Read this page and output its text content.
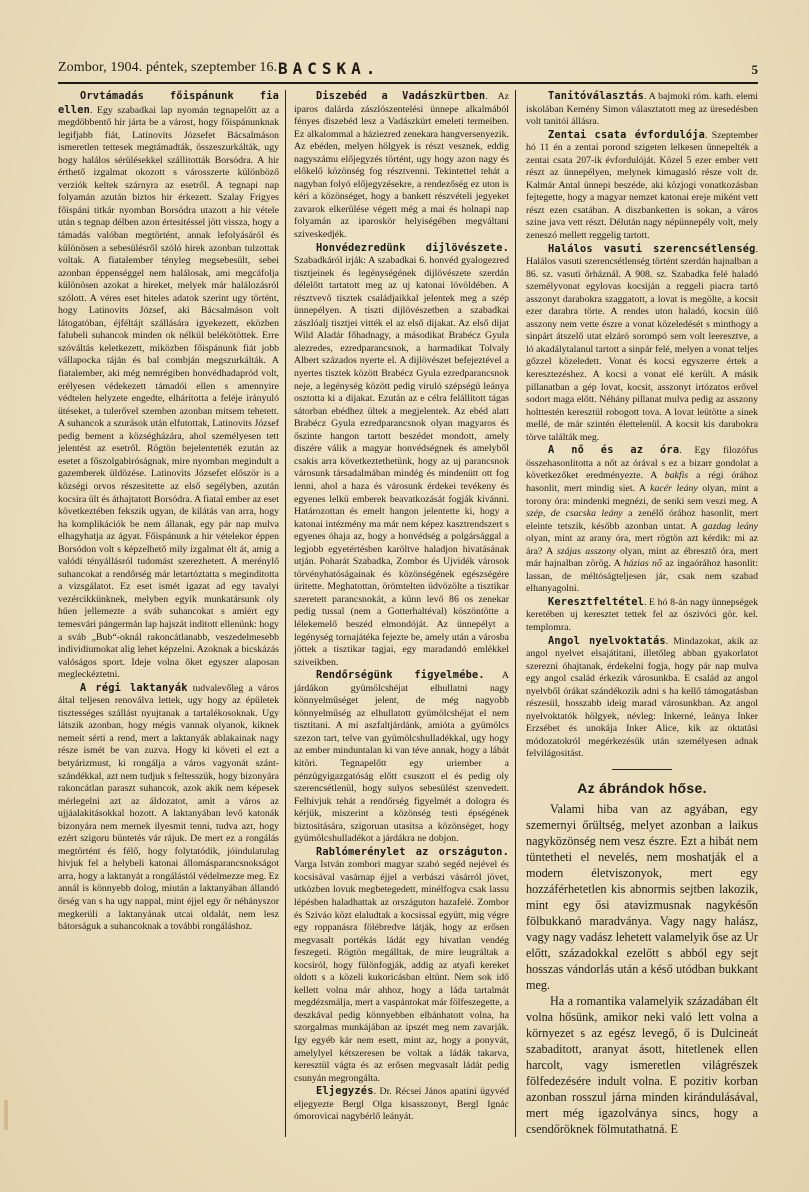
Zombor, 1904. péntek, szeptember 16. BACSKA.	5

Orvtámadás főispánunk fia ellen. Egy szabadkai lap nyomán tegnapelőtt az a megdöbbentő hir járta be a várost, hogy főispánunknak legifjabb fiát, Latinovits Józsefet Bácsalmáson ismeretlen tettesek megtámadták, összeszurkálták, ugy hogy halálos sérülésekkel szállitották Borsódra. A hir érthető izgalmat okozott s városszerte különböző verziók keltek szárnyra az esetről. A tegnapi nap folyamán azután biztos hir érkezett. Szalay Frigyes főispáni titkár nyomban Borsódra utazott a hir vétele után s tegnap délben azon értesitéssel jött vissza, hogy a támadás valóban megtörtént, annak lefolyásáról és különösen a sebesülésről szóló hirek azonban tulzottak voltak. A fiatalember tényleg megsebesült, sebei azonban éppenséggel nem halálosak, ami megcáfolja különösen azokat a hireket, melyek már halálozásról szólott. A véres eset hiteles adatok szerint ugy történt, hogy Latinovits József, aki Bácsalmáson volt látogatóban, éjféltájt szállására igyekezett, eközben falubeli suhancok minden ok nélkül belékötöttek. Erre szóváltás keletkezett, miközben főispánunk fiát jobb vállapocka táján és bal combján megszurkálták. A fiatalember, aki még nemrégiben honvédhadapród volt, erélyesen védekezett támadói ellen s amennyire védtelen helyzete engedte, elhárította a feléje irányuló ütéseket, a tulerővel szemben azonban mitsem tehetett. A suhancok a szurások után elfutottak, Latinovits József pedig bement a községházára, ahol személyesen tett jelentést az esetről. Rögtön bejelentették ezután az esetet a főszolgabiróságnak, mire nyomban megindult a gazemberek üldözése. Latinovits Józsefet először is a községi orvos részesitette az első segélyben, azután kocsira ült és áthajtatott Borsódra. A fiatal ember az eset következtében fekszik ugyan, de kilátás van arra, hogy ha komplikációk be nem állanak, egy pár nap mulva elhagyhatja az ágyat. Főispánunk a hir vételekor éppen Borsódon volt s képzelhető mily izgalmat élt át, amig a valódi tényállásról tudomást szerezhetett. A merénylő suhancokat a rendőrség már letartóztatta s meginditotta a vizsgálatot. Ez eset ismét igazat ad egy tavalyi vezércikkünknek, melyben egyik munkatársunk oly hűen jellemezte a sváb suhancokat s amiért egy temesvári pángermán lap hajszát inditott ellenünk: hogy a sváb „Bub“-oknál rakoncátlanabb, veszedelmesebb individiumokat alig lehet képzelni. Azoknak a bicskázás valóságos sport. Ideje volna őket egyszer alaposan megleckéztetni.

A régi laktanyák tudvalevőleg a város által teljesen renoválva lettek, ugy hogy az épületek tisztességes szállást nyujtanak a tartalékosoknak. Ugy látszik azonban, hogy mégis vannak olyanok, kiknek nemeit sérti a rend, mert a laktanyák ablakainak nagy része ismét be van zuzva. Hogy ki követi el ezt a betyárizmust, ki rongálja a város vagyonát szánt-szándékkal, azt nem tudjuk s feltesszük, hogy bizonyára rakoncátlan paraszt suhancok, azok akik nem képesek mérlegelni azt az áldozatot, amit a város az ujjáalakitásokkal hozott. A laktanyában levő katonák bizonyára nem mernek ilyesmit tenni, tudva azt, hogy ezért szigoru büntetés vár rájuk. De mert ez a rongálás megtörtént és félő, hogy folytatódik, jóindulatulag hivjuk fel a helybeli katonai állomásparancsnokságot arra, hogy a laktanyát a rongálástól védelmezze meg. Ez annál is könnyebb dolog, miután a laktanyában állandó őrség van s ha ugy nappal, mint éjjel egy őr néhányszor megkerüli a laktanyának utcai oldalát, nem lesz bátorságuk a suhancoknak a további rongáláshoz.

Diszebéd a Vadászkürtben. Az iparos dalárda zászlószentelési ünnepe alkalmából fényes diszebéd lesz a Vadászkürt emeleti termeiben. Ez alkalommal a háziezred zenekara hangversenyezik. Az ebéden, melyen hölgyek is részt vesznek, eddig nagyszámu előjegyzés történt, ugy hogy azon nagy és előkelő közönség fog résztvenni. Tekintettel tehát a nagyban folyó előjegyzésekre, a rendezőség ez uton is kéri a közönséget, hogy a bankett részvételi jegyeket zavarok elkerülése végett még a mai és holnapi nap folyamán az iparoskör helyiségében megváltani sziveskedjék.

Honvédezredünk dijlövészete. Szabadkáról irják: A szabadkai 6. honvéd gyalogezred tisztjeinek és legénységének dijlövészete szerdán délelőtt tartatott meg az uj katonai lövöldében. A résztvevő tisztek családjaikkal jelentek meg a szép ünnepélyen. A tiszti dijlövészetben a szabadkai zászlóalj tisztjei vitték el az első dijakat. Az első dijat Wild Aladár főhadnagy, a másodikat Brabécz Gyula alezredes, ezredparancsnok, a harmadikat Tolvaly Albert százados nyerte el. A dijlövészet befejeztével a nyertes tisztek között Brabécz Gyula ezredparancsnok neje, a legénység között pedig viruló szépségü leánya osztotta ki a dijakat. Ezután az e célra felállitott tágas sátorban ebédhez ültek a megjelentek. Az ebéd alatt Brabécz Gyula ezredparancsnok olyan magyaros és őszinte hangon tartott beszédet mondott, amely diszére válik a magyar honvédségnek és amelyből csakis arra következtethetünk, hogy az uj parancsnok városunk társadalmában mindég és mindenütt ott fog lenni, ahol a haza és városunk érdekei tevékeny és egyenes lelkü emberek beavatkozását fogják kivánni. Határozottan és emelt hangon jelentette ki, hogy a katonai intézmény ma már nem képez kasztrendszert s egyenes óhaja az, hogy a honvédség a polgársággal a legjobb egyetértésben karöltve haladjon hivatásának utján. Poharát Szabadka, Zombor és Ujvidék városok törvényhatóságainak és közönségének egészségére üritette. Meghatottan, örömtelten üdvözölte a tisztikar szeretett parancsnokát, a künn levő 86 os zenekar pedig tussal (nem a Gotterhaltéval) köszöntötte a lélekemelő beszéd elmondóját. Az ünnepélyt a legénység tornajátéka fejezte be, amely után a városba jöttek a tisztikar tagjai, egy maradandó emlékkel sziveikben.

Rendőrségünk figyelmébe. A járdákon gyümölcshéjat elhullatni nagy könnyelműséget jelent, de még nagyobb könnyelműség az elhullatott gyümölcshéjat el nem tisztitani. A mi aszfaltjárdánk, amióta a gyümölcs szezon tart, telve van gyümölcshulladékkal, ugy hogy az ember minduntalan ki van téve annak, hogy a lábát kitöri. Tegnapelőtt egy uriember a pénzügyigazgatóság előtt csuszott el és pedig oly szerencsétlenül, hogy sulyos sebesülést szenvedett. Felhivjuk tehát a rendőrség figyelmét a dologra és kérjük, miszerint a közönség testi épségének biztositására, szigoruan utasitsa a közönséget, hogy gyümölcshulladékot a járdákra ne dobjon.

Rablómerénylet az országuton. Varga István zombori magyar szabó segéd nejével és kocsisával vasárnap éjjel a verbászi vásárról jövet, utközben lovuk megbetegedett, minélfogva csak lassu lépésben haladhattak az országuton hazafelé. Zombor és Sziváo közt elaludtak a kocsissal együtt, mig végre egy roppanásra fölébredve látják, hogy az erősen megvasalt portékás ládát egy hivatlan vendég feszegeti. Rögtön megálltak, de mire leugráltak a kocsiról, hogy fülönfogják, addig az atyafi kereket oldott s a közeli kukoricásban eltünt. Nem sok idő kellett volna már ahhoz, hogy a láda tartalmát megdézsmálja, mert a vaspántokat már fölfeszegette, a deszkával pedig könnyebben elbánhatott volna, ha szorgalmas munkájában az ipszét meg nem zavarják. Igy egyéb kár nem esett, mint az, hogy a ponyvát, amelylyel kétszeresen be voltak a ládák takarva, keresztül vágta és az erősen megvasalt ládát pedig csunyán megrongálta.

Eljegyzés. Dr. Récsei János apatini ügyvéd eljegyezte Bergl Olga kisasszonyt, Bergl Ignác ómorovicai nagybérlő leányát.

Tanitóválasztás. A bajmoki róm. kath. elemi iskolában Kemény Simon választatott meg az üresedésben volt tanitói állásra.

Zentai csata évfordulója. Szeptember hó 11 én a zentai porond szigeten lelkesen ünnepelték a zentai csata 207-ik évfordulóját. Közel 5 ezer ember vett részt az ünnepélyen, melynek kimagasló része volt dr. Kalmár Antal ünnepi beszéde, aki közjogi vonatkozásban fejtegette, hogy a magyar nemzet katonai ereje miként vett részt ezen csatában. A diszbanketten is sokan, a város szine java vett részt. Délután nagy népünnepély volt, mely zeneszó mellett reggelig tartott.

Halálos vasuti szerencsétlenség. Halálos vasuti szerencsétlenség történt szerdán hajnalban a 86. sz. vasuti őrháznál. A 908. sz. Szabadka felé haladó személyvonat egylovas kocsiján a reggeli piacra tartó asszonyt darabokra szaggatott, a lovat is megölte, a kocsit ezer darabra törte. A rendes uton haladó, kocsin ülő asszony nem vette észre a vonat közeledését s minthogy a sinpárt átszelő utat elzáró sorompó sem volt leeresztve, a ló akadálytalanul tartott a sinpár felé, melyen a vonat teljes gőzzel közeledett. Vonat és kocsi egyszerre értek a keresztezéshez. A kocsi a vonat elé került. A másik pillanatban a gép lovat, kocsit, asszonyt irtózatos erővel sodort maga előtt. Néhány pillanat mulva pedig az asszony holttestén keresztül robogott tova. A lovat leütötte a sinek mellé, de már szintén élettelenül. A kocsit kis darabokra törve találták meg.

A nő és az óra. Egy filozófus összehasonlitotta a nőt az órával s ez a bizarr gondolat a következőket eredményezte. A bakfis a régi órához hasonlit, mert mindig siet. A kacér leány olyan, mint a torony óra: mindenki megnézi, de senki sem veszi meg. A szép, de csacska leány a zenélő órához hasonlit, mert eleinte tetszik, később azonban untat. A gazdag leány olyan, mint az arany óra, mert rögtön azt kérdik: mi az ára? A szájas asszony olyan, mint az ébresztő óra, mert már hajnalban zörög. A házias nő az ingaórához hasonlit: lassan, de méltóságteljesen jár, csak nem szabad elhanyagolni.

Keresztfeltétel. E hó 8-án nagy ünnepségek keretében uj keresztet tettek fel az ószivóci gör. kel. templomra.

Angol nyelvoktatás. Mindazokat, akik az angol nyelvet elsajátitani, illetőleg abban gyakorlatot szerezni óhajtanak, érdekelni fogja, hogy pár nap mulva egy angol család érkezik városunkba. E család az angol nyelvből órákat szándékozik adni s ha kellő támogatásban részesül, hosszabb ideig marad városunkban. Az angol nyelvoktatók hölgyek, névleg: Inkerné, leánya Inker Erzsébet és unokája Inker Alice, kik az oktatási módozatokról megérkezésük után személyesen adnak felvilágositást.

Az ábrándok hőse.

Valami hiba van az agyában, egy szemernyi őrültség, melyet azonban a laikus nagyközönség nem vesz észre. Ezt a hibát nem tüntetheti el nevelés, nem moshatják el a modern életviszonyok, mert egy hozzáférhetetlen kis abnormis sejtben lakozik, mint egy ősi atavizmusnak nagykésőn fölbukkanó maradványa. Vagy nagy halász, vagy nagy vadász lehetett valamelyik őse az Ur előtt, századokkal ezelőtt s abból egy sejt hosszas vándorlás után a késő utódban bukkant meg.

Ha a romantika valamelyik századában élt volna hősünk, amikor neki való lett volna a környezet s az egész levegő, ő is Dulcineát szabaditott, aranyat ásott, hitetlenek ellen harcolt, vagy ismeretlen világrészek fölfedezésére indult volna. E pozitiv korban azonban rosszul járna minden kirándulásával, mert még igazolványa sincs, hogy a csendőröknek fölmutathatná. E
